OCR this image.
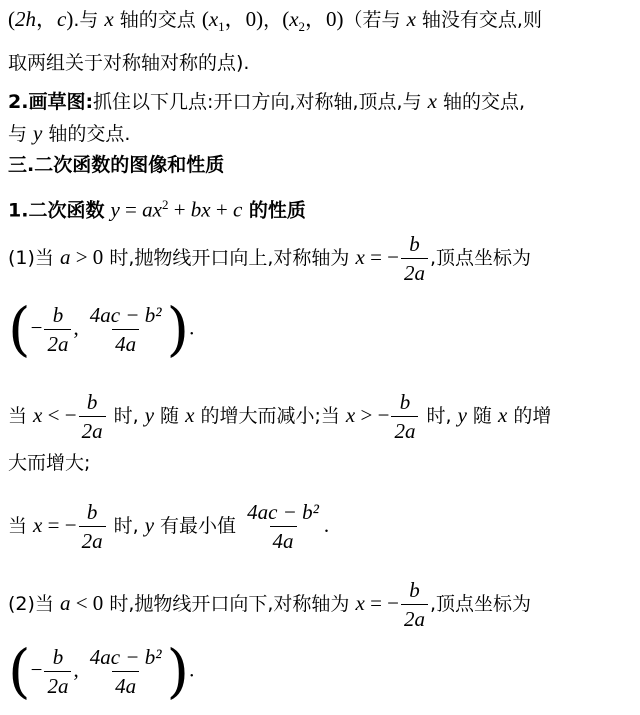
(2h，c).与 x 轴的交点 ($x_1$，0)，($x_2$，0)（若与 x 轴没有交点,则
取两组关于对称轴对称的点).
2.画草图:抓住以下几点:开口方向,对称轴,顶点,与 x 轴的交点,
与 y 轴的交点.
三.二次函数的图像和性质
1.二次函数 $y = ax^2$ + bx + c 的性质
(1)当 a > 0 时,抛物线开口向上,对称轴为 x = − $\frac{b}{2a}$ ,顶点坐标为
(− $\frac{b}{2a}$ , $\frac{\text{4ac − b²}}{4a}$ ).
当 x < − $\frac{b}{2a}$ 时, y 随 x 的增大而减小;当 x > − $\frac{b}{2a}$ 时, y 随 x 的增
大而增大;
当 x = − $\frac{b}{2a}$ 时, y 有最小值 $\frac{\text{4ac − b²}}{4a}$ .
(2)当 a < 0 时,抛物线开口向下,对称轴为 x = − $\frac{b}{2a}$ ,顶点坐标为
(− $\frac{b}{2a}$ , $\frac{\text{4ac − b²}}{4a}$ ).
